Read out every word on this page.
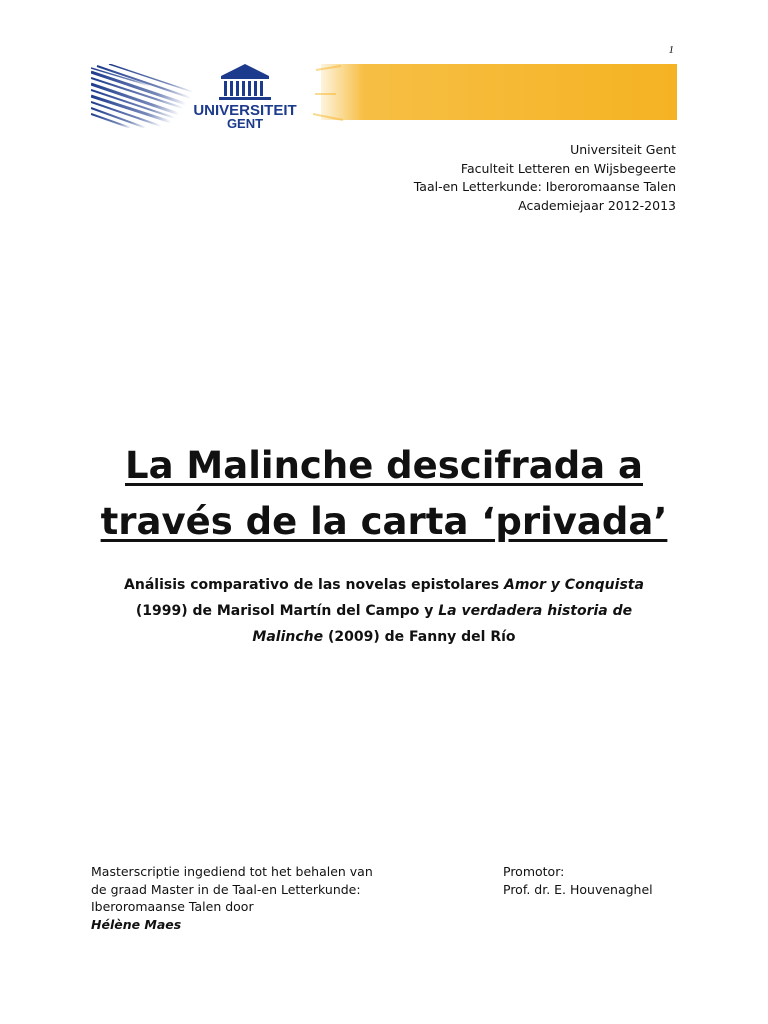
1
UNIVERSITEIT
GENT
Universiteit Gent
Faculteit Letteren en Wijsbegeerte
Taal-en Letterkunde: Iberoromaanse Talen
Academiejaar 2012-2013
La Malinche descifrada a
través de la carta ‘privada’
Análisis comparativo de las novelas epistolares Amor y Conquista (1999) de Marisol Martín del Campo y La verdadera historia de Malinche (2009) de Fanny del Río
Masterscriptie ingediend tot het behalen van
de graad Master in de Taal-en Letterkunde:
Iberoromaanse Talen door
Hélène Maes
Promotor:
Prof. dr. E. Houvenaghel
